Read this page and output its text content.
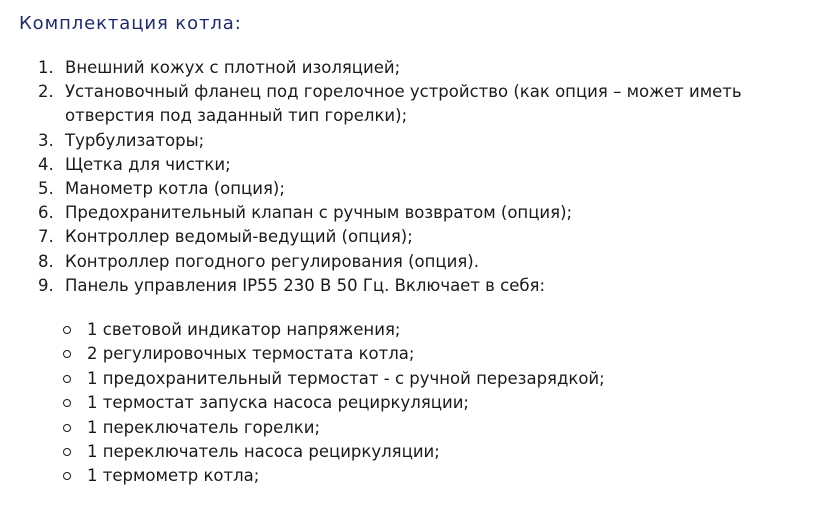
Комплектация котла:
1. Внешний кожух с плотной изоляцией;
2. Установочный фланец под горелочное устройство (как опция – может иметь
отверстия под заданный тип горелки);
3. Турбулизаторы;
4. Щетка для чистки;
5. Манометр котла (опция);
6. Предохранительный клапан с ручным возвратом (опция);
7. Контроллер ведомый-ведущий (опция);
8. Контроллер погодного регулирования (опция).
9. Панель управления IP55 230 В 50 Гц. Включает в себя:
1 световой индикатор напряжения;
2 регулировочных термостата котла;
1 предохранительный термостат - с ручной перезарядкой;
1 термостат запуска насоса рециркуляции;
1 переключатель горелки;
1 переключатель насоса рециркуляции;
1 термометр котла;
